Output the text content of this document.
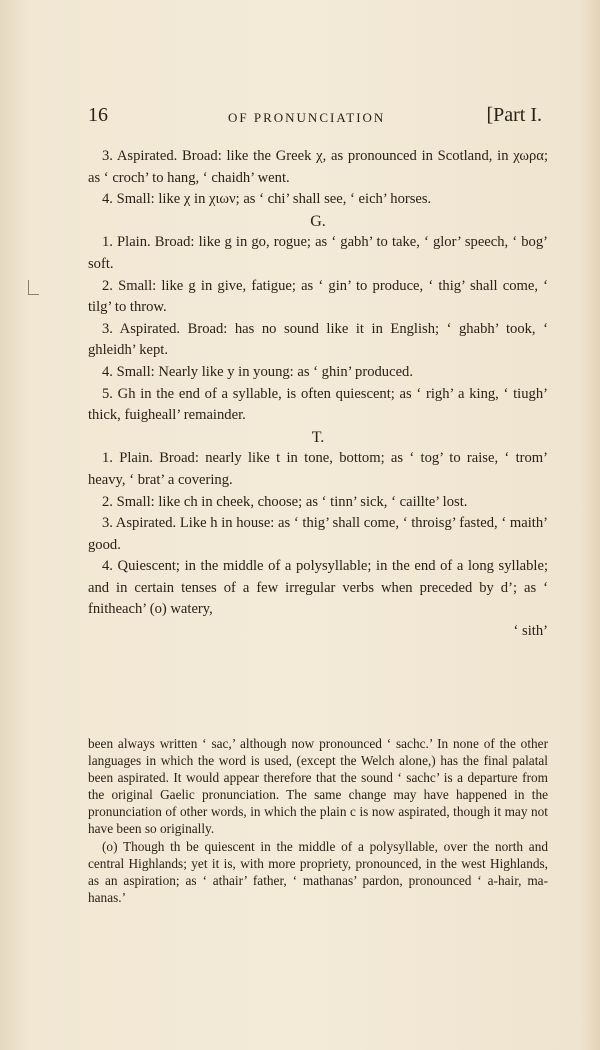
16	OF PRONUNCIATION	[Part I.

3. Aspirated. Broad: like the Greek χ, as pronounced in Scotland, in χωρα; as ‘ croch’ to hang, ‘ chaidh’ went.

4. Small: like χ in χιων; as ‘ chi’ shall see, ‘ eich’ horses.

G.

1. Plain. Broad: like g in go, rogue; as ‘ gabh’ to take, ‘ glor’ speech, ‘ bog’ soft.

2. Small: like g in give, fatigue; as ‘ gin’ to produce, ‘ thig’ shall come, ‘ tilg’ to throw.

3. Aspirated. Broad: has no sound like it in English; ‘ ghabh’ took, ‘ ghleidh’ kept.

4. Small: Nearly like y in young: as ‘ ghin’ produced.

5. Gh in the end of a syllable, is often quiescent; as ‘ righ’ a king, ‘ tiugh’ thick, fuigheall’ remainder.

T.

1. Plain. Broad: nearly like t in tone, bottom; as ‘ tog’ to raise, ‘ trom’ heavy, ‘ brat’ a covering.

2. Small: like ch in cheek, choose; as ‘ tinn’ sick, ‘ caillte’ lost.

3. Aspirated. Like h in house: as ‘ thig’ shall come, ‘ throisg’ fasted, ‘ maith’ good.

4. Quiescent; in the middle of a polysyllable; in the end of a long syllable; and in certain tenses of a few irregular verbs when preceded by d’; as ‘ fnitheach’ (o) watery,

‘ sith’

been always written ‘ sac,’ although now pronounced ‘ sachc.’ In none of the other languages in which the word is used, (except the Welch alone,) has the final palatal been aspirated. It would appear therefore that the sound ‘ sachc’ is a departure from the original Gaelic pronunciation. The same change may have happened in the pronunciation of other words, in which the plain c is now aspirated, though it may not have been so originally.

(o) Though th be quiescent in the middle of a polysyllable, over the north and central Highlands; yet it is, with more propriety, pronounced, in the west Highlands, as an aspiration; as ‘ athair’ father, ‘ mathanas’ pardon, pronounced ‘ a-hair, ma-hanas.’
